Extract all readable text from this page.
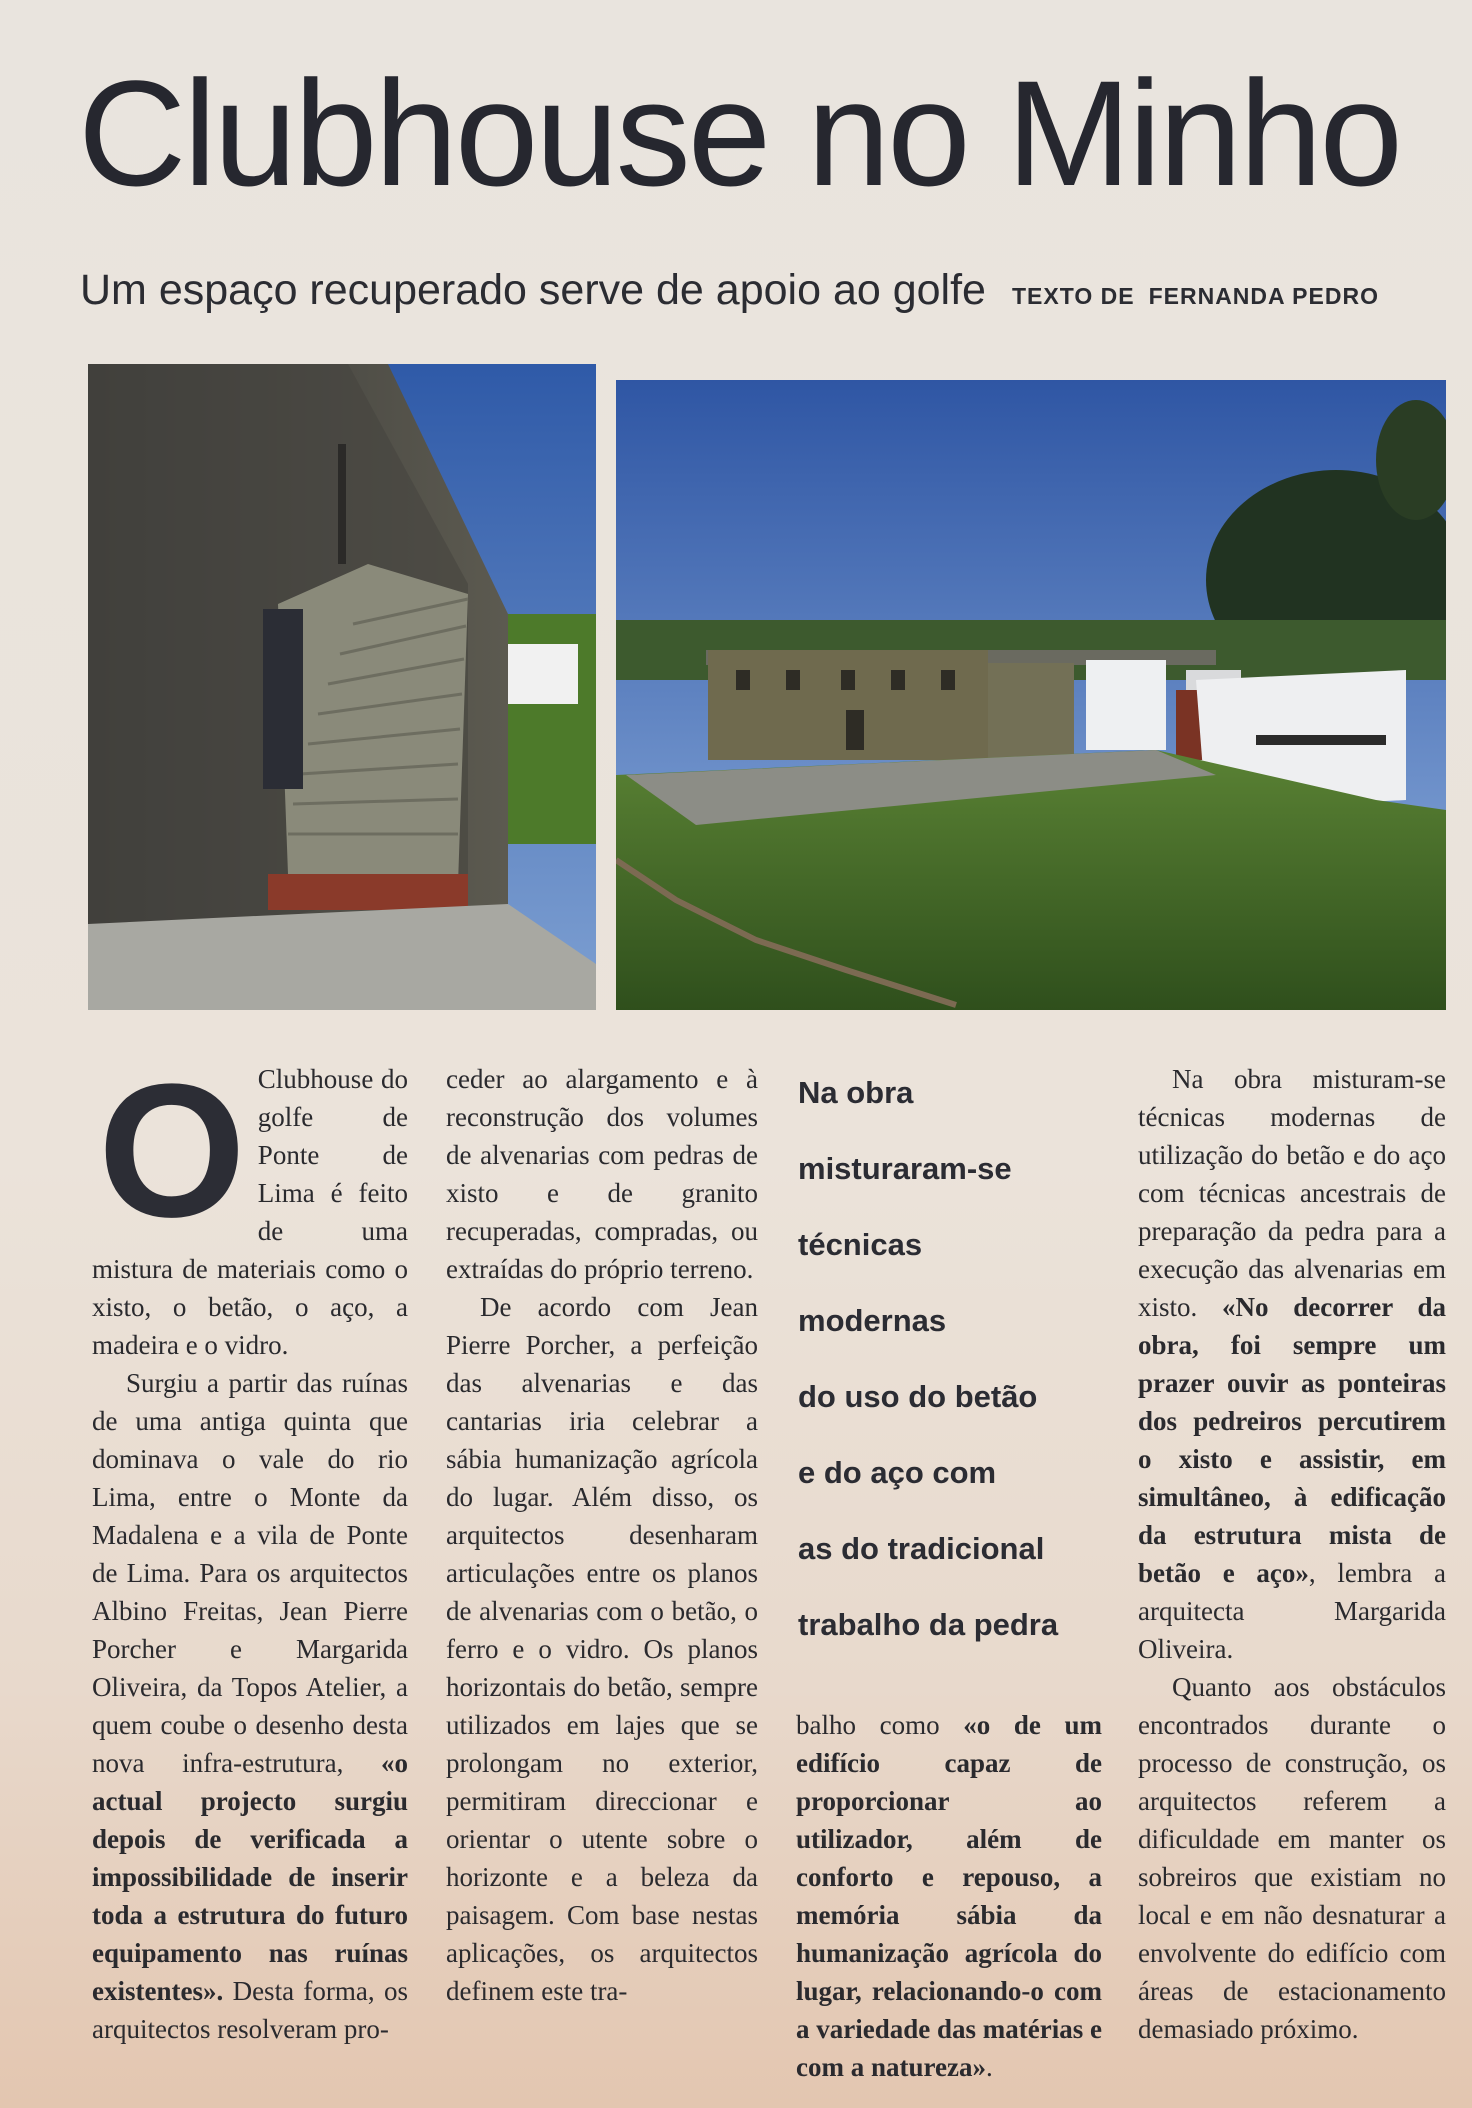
Clubhouse no Minho
Um espaço recuperado serve de apoio ao golfe TEXTO DE FERNANDA PEDRO
O Clubhouse do golfe de Ponte de Lima é feito de uma mistura de materiais como o xisto, o betão, o aço, a madeira e o vidro.

Surgiu a partir das ruínas de uma antiga quinta que dominava o vale do rio Lima, entre o Monte da Madalena e a vila de Ponte de Lima. Para os arquitectos Albino Freitas, Jean Pierre Porcher e Margarida Oliveira, da Topos Atelier, a quem coube o desenho desta nova infra-estrutura, «o actual projecto surgiu depois de verificada a impossibilidade de inserir toda a estrutura do futuro equipamento nas ruínas existentes». Desta forma, os arquitectos resolveram pro-

ceder ao alargamento e à reconstrução dos volumes de alvenarias com pedras de xisto e de granito recuperadas, compradas, ou extraídas do próprio terreno.

De acordo com Jean Pierre Porcher, a perfeição das alvenarias e das cantarias iria celebrar a sábia humanização agrícola do lugar. Além disso, os arquitectos desenharam articulações entre os planos de alvenarias com o betão, o ferro e o vidro. Os planos horizontais do betão, sempre utilizados em lajes que se prolongam no exterior, permitiram direccionar e orientar o utente sobre o horizonte e a beleza da paisagem. Com base nestas aplicações, os arquitectos definem este tra-

Na obra
misturaram-se
técnicas
modernas
do uso do betão
e do aço com
as do tradicional
trabalho da pedra

balho como «o de um edifício capaz de proporcionar ao utilizador, além de conforto e repouso, a memória sábia da humanização agrícola do lugar, relacionando-o com a variedade das matérias e com a natureza».

Na obra misturam-se técnicas modernas de utilização do betão e do aço com técnicas ancestrais de preparação da pedra para a execução das alvenarias em xisto. «No decorrer da obra, foi sempre um prazer ouvir as ponteiras dos pedreiros percutirem o xisto e assistir, em simultâneo, à edificação da estrutura mista de betão e aço», lembra a arquitecta Margarida Oliveira.

Quanto aos obstáculos encontrados durante o processo de construção, os arquitectos referem a dificuldade em manter os sobreiros que existiam no local e em não desnaturar a envolvente do edifício com áreas de estacionamento demasiado próximo.
